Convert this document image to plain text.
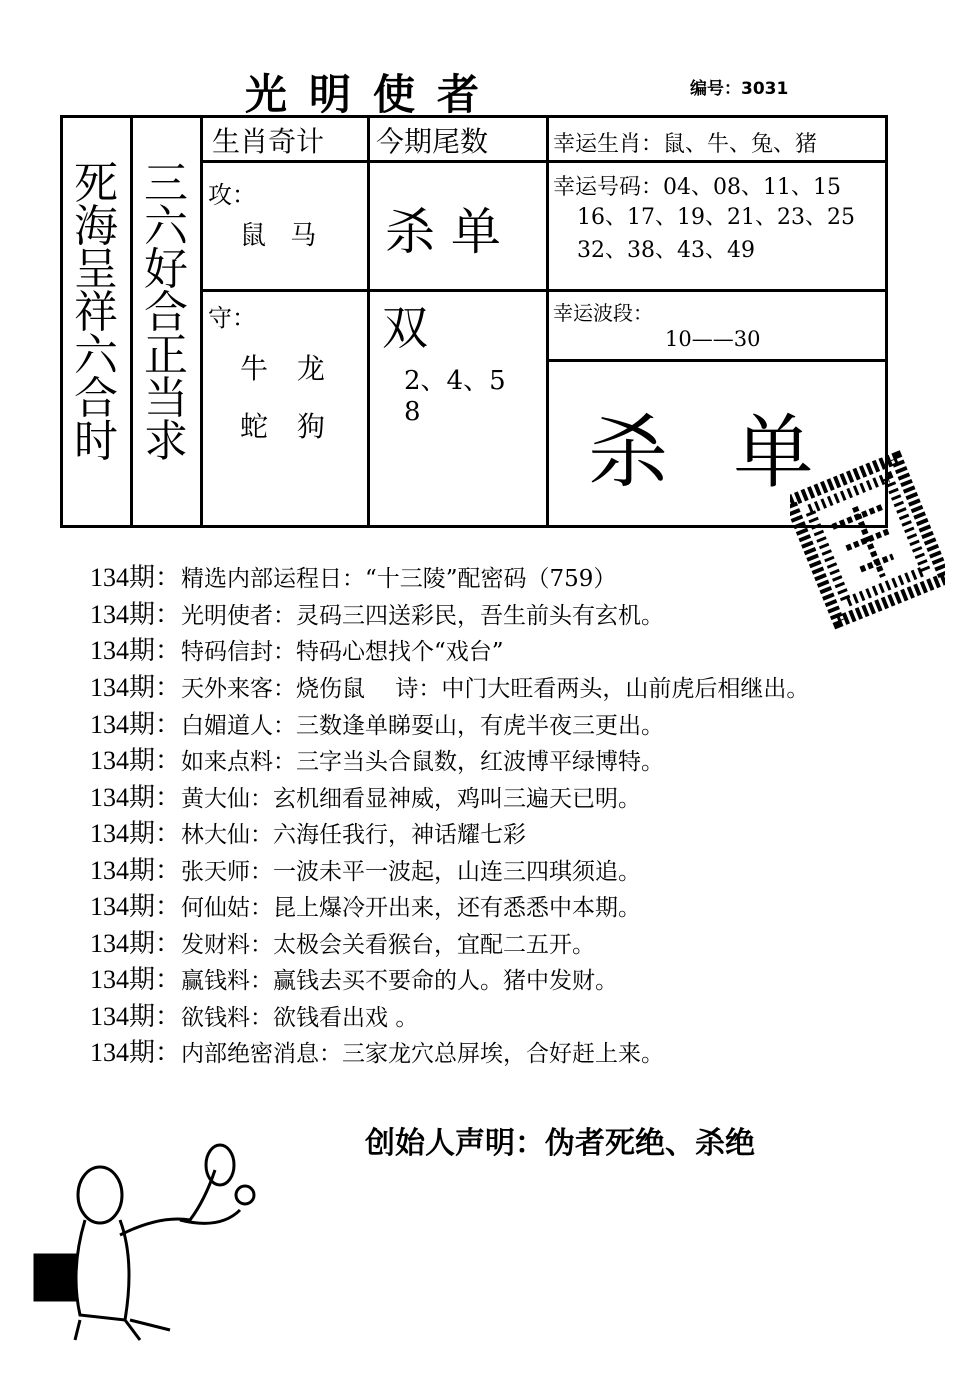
光明使者	编号：3031
死海呈祥六合时
三六好合正当求
生肖奇计 今期尾数	幸运生肖：鼠、牛、兔、猪
攻：
鼠 马 杀 单
幸运号码：04、08、11、15
16、17、19、21、23、25
32、38、43、49
守：
牛 龙
蛇 狗
双
2、4、5
8
幸运波段：
10——30
杀 单
134期：精选内部运程日：“十三陵”配密码（759）
134期：光明使者：灵码三四送彩民，吾生前头有玄机。
134期：特码信封：特码心想找个“戏台”
134期：天外来客：烧伤鼠　 诗：中门大旺看两头，山前虎后相继出。
134期：白媚道人：三数逢单睇耍山，有虎半夜三更出。
134期：如来点料：三字当头合鼠数，红波博平绿博特。
134期：黄大仙：玄机细看显神威，鸡叫三遍天已明。
134期：林大仙：六海任我行，神话耀七彩
134期：张天师：一波未平一波起，山连三四琪须追。
134期：何仙姑：昆上爆冷开出来，还有悉悉中本期。
134期：发财料：太极会关看猴台，宜配二五开。
134期：赢钱料：赢钱去买不要命的人。猪中发财。
134期：欲钱料：欲钱看出戏 。
134期：内部绝密消息：三家龙穴总屏埃，合好赶上来。
创始人声明：伪者死绝、杀绝
